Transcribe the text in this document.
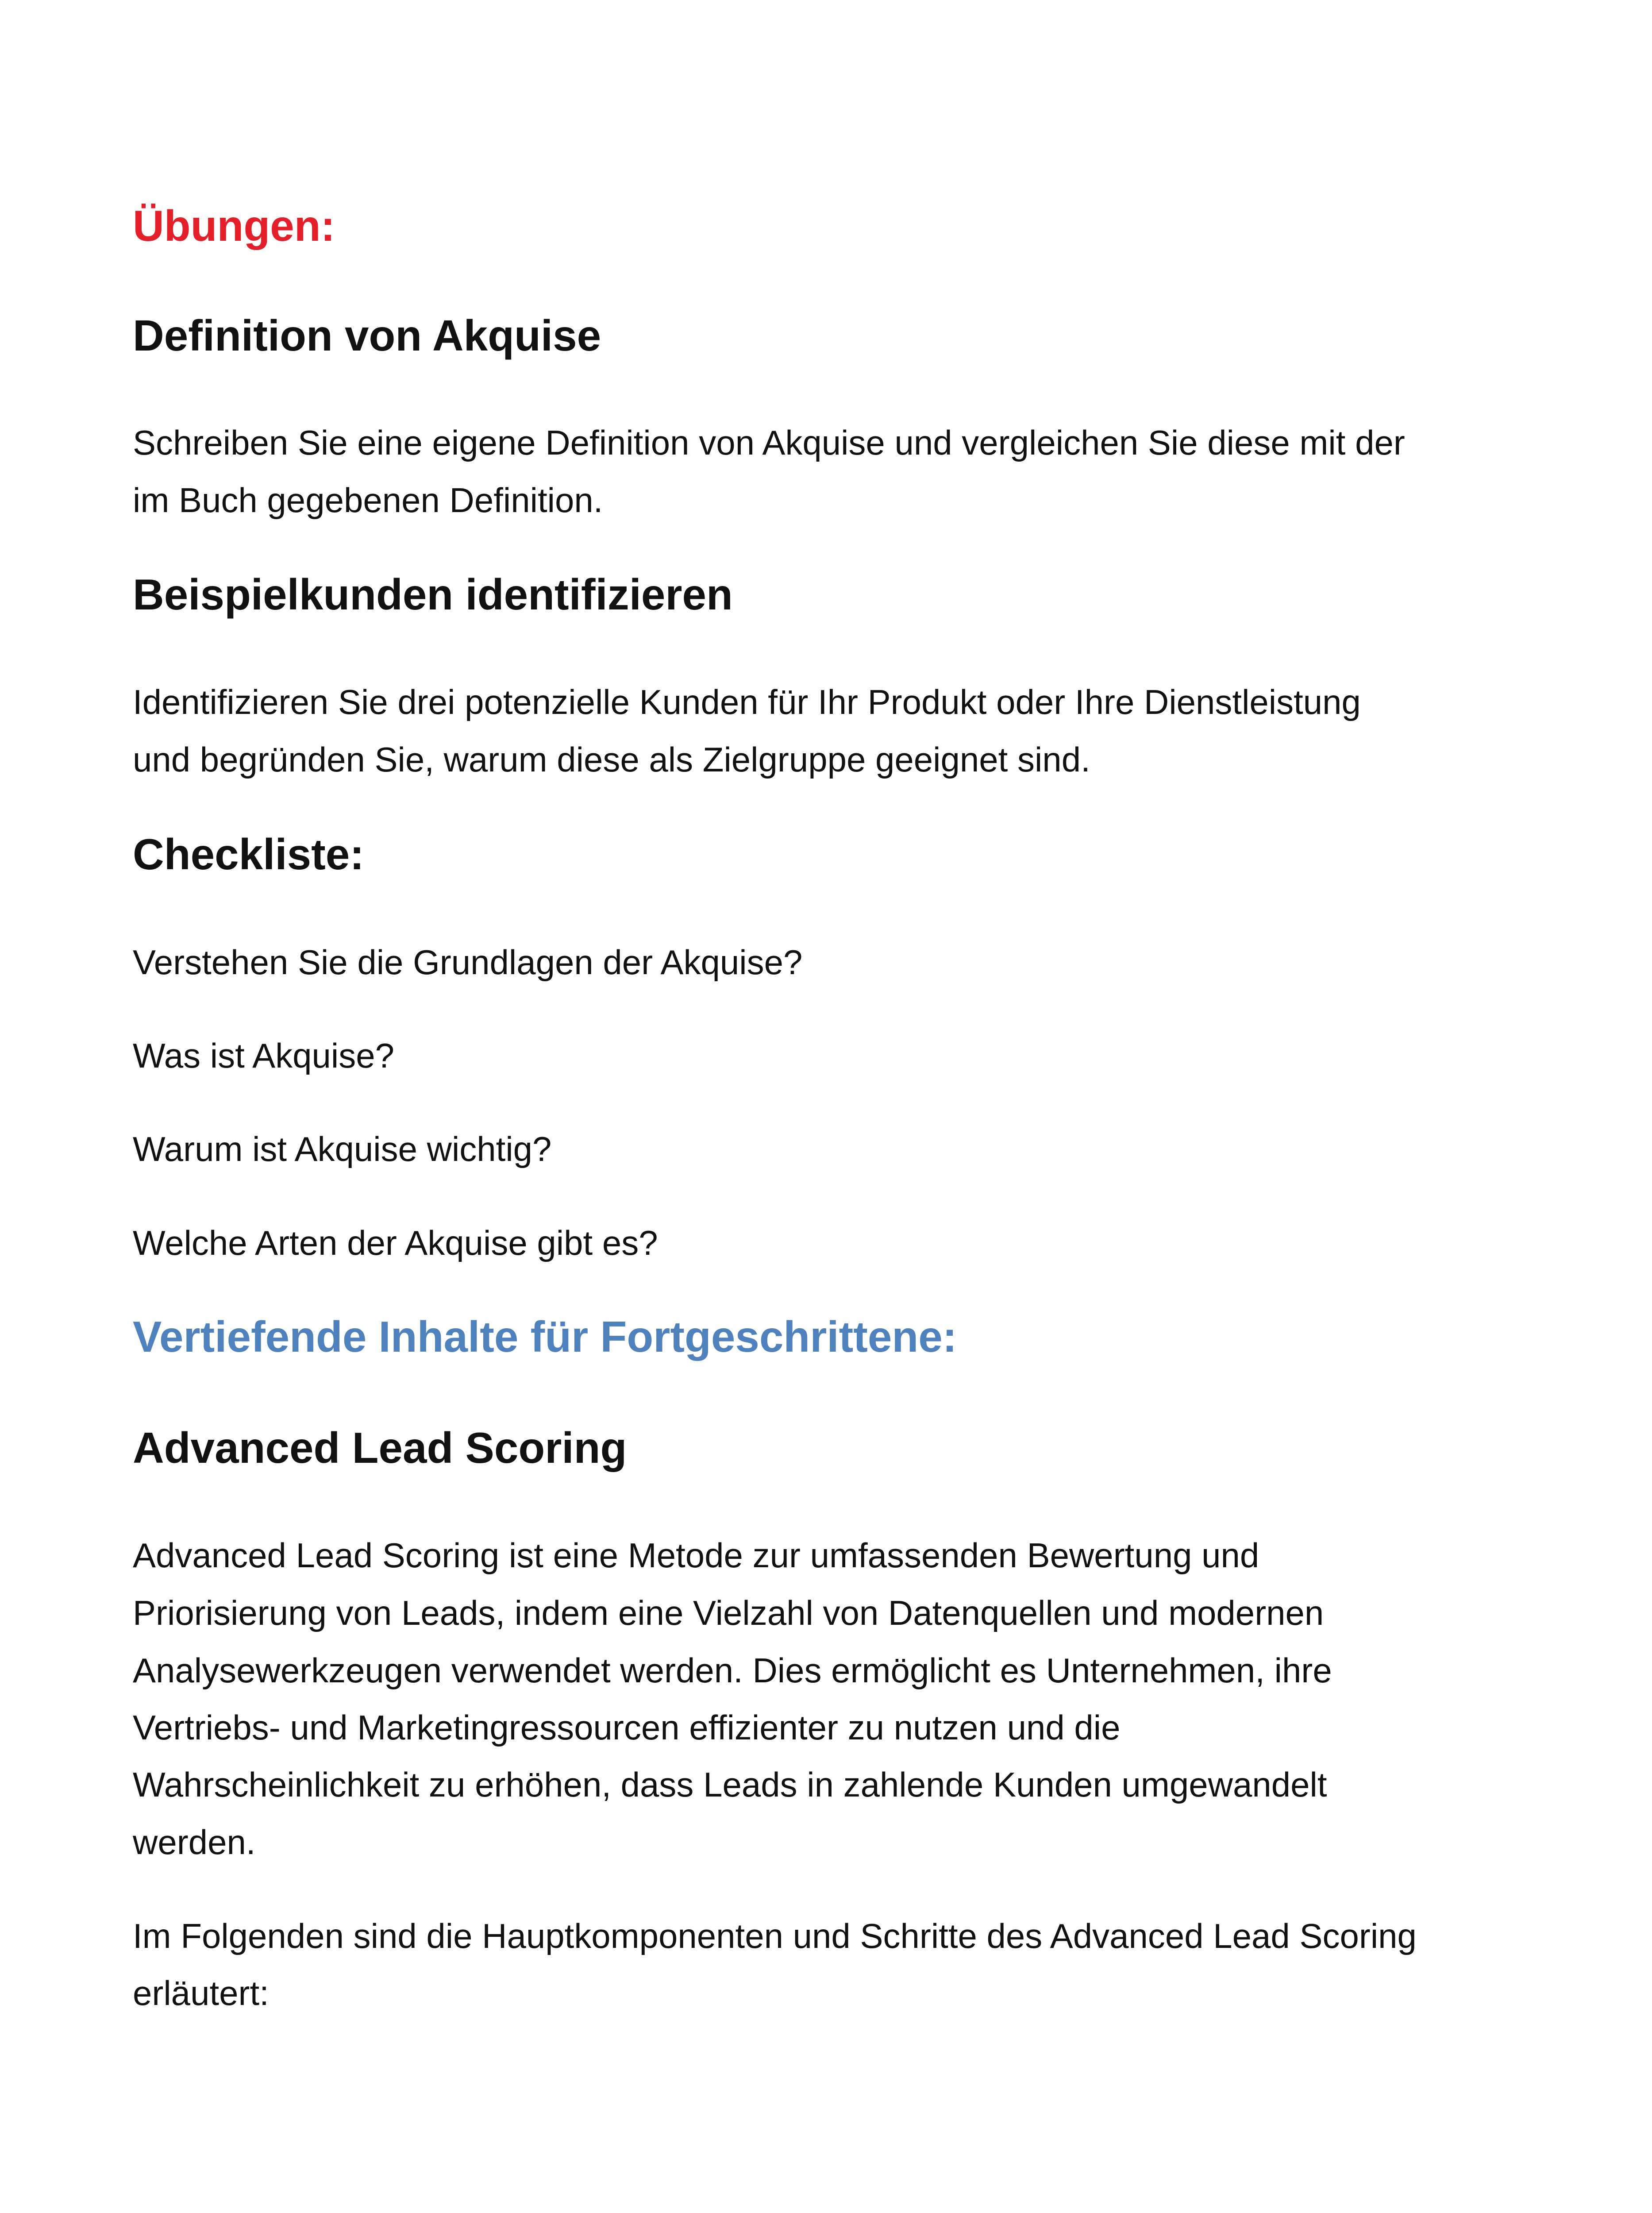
Übungen:
Definition von Akquise

Schreiben Sie eine eigene Definition von Akquise und vergleichen Sie diese mit der

im Buch gegebenen Definition.

Beispielkunden identifizieren

Identifizieren Sie drei potenzielle Kunden für Ihr Produkt oder Ihre Dienstleistung

und begründen Sie, warum diese als Zielgruppe geeignet sind.

Checkliste:

Verstehen Sie die Grundlagen der Akquise?

Was ist Akquise?

Warum ist Akquise wichtig?

Welche Arten der Akquise gibt es?

Vertiefende Inhalte für Fortgeschrittene:
Advanced Lead Scoring

Advanced Lead Scoring ist eine Metode zur umfassenden Bewertung und

Priorisierung von Leads, indem eine Vielzahl von Datenquellen und modernen

Analysewerkzeugen verwendet werden. Dies ermöglicht es Unternehmen, ihre

Vertriebs- und Marketingressourcen effizienter zu nutzen und die

Wahrscheinlichkeit zu erhöhen, dass Leads in zahlende Kunden umgewandelt

werden.

Im Folgenden sind die Hauptkomponenten und Schritte des Advanced Lead Scoring

erläutert:
